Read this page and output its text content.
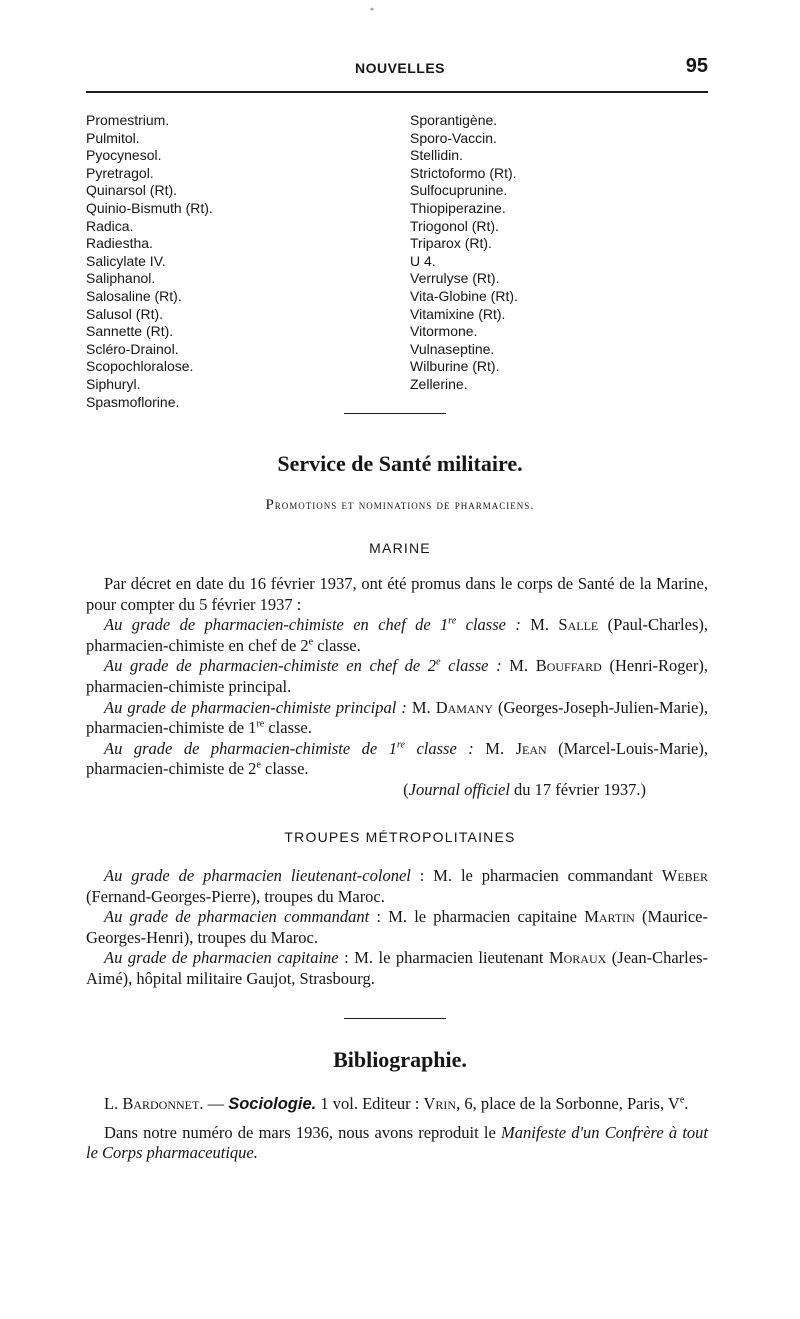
*
NOUVELLES	95
Promestrium.
Pulmitol.
Pyocynesol.
Pyretragol.
Quinarsol (Rt).
Quinio-Bismuth (Rt).
Radica.
Radiestha.
Salicylate IV.
Saliphanol.
Salosaline (Rt).
Salusol (Rt).
Sannette (Rt).
Scléro-Drainol.
Scopochloralose.
Siphuryl.
Spasmoflorine.
Sporantigène.
Sporo-Vaccin.
Stellidin.
Strictoformo (Rt).
Sulfocuprunine.
Thiopiperazine.
Triogonol (Rt).
Triparox (Rt).
U 4.
Verrulyse (Rt).
Vita-Globine (Rt).
Vitamixine (Rt).
Vitormone.
Vulnaseptine.
Wilburine (Rt).
Zellerine.
Service de Santé militaire.
Promotions et nominations de pharmaciens.
MARINE

Par décret en date du 16 février 1937, ont été promus dans le corps de Santé de la Marine, pour compter du 5 février 1937 :

Au grade de pharmacien-chimiste en chef de 1re classe : M. Salle (Paul-Charles), pharmacien-chimiste en chef de 2e classe.

Au grade de pharmacien-chimiste en chef de 2e classe : M. Bouffard (Henri-Roger), pharmacien-chimiste principal.

Au grade de pharmacien-chimiste principal : M. Damany (Georges-Joseph-Julien-Marie), pharmacien-chimiste de 1re classe.

Au grade de pharmacien-chimiste de 1re classe : M. Jean (Marcel-Louis-Marie), pharmacien-chimiste de 2e classe.

(Journal officiel du 17 février 1937.)

TROUPES MÉTROPOLITAINES

Au grade de pharmacien lieutenant-colonel : M. le pharmacien commandant Weber (Fernand-Georges-Pierre), troupes du Maroc.

Au grade de pharmacien commandant : M. le pharmacien capitaine Martin (Maurice-Georges-Henri), troupes du Maroc.

Au grade de pharmacien capitaine : M. le pharmacien lieutenant Moraux (Jean-Charles-Aimé), hôpital militaire Gaujot, Strasbourg.

Bibliographie.

L. Bardonnet. — Sociologie. 1 vol. Editeur : Vrin, 6, place de la Sorbonne, Paris, Ve.

Dans notre numéro de mars 1936, nous avons reproduit le Manifeste d'un Confrère à tout le Corps pharmaceutique.
